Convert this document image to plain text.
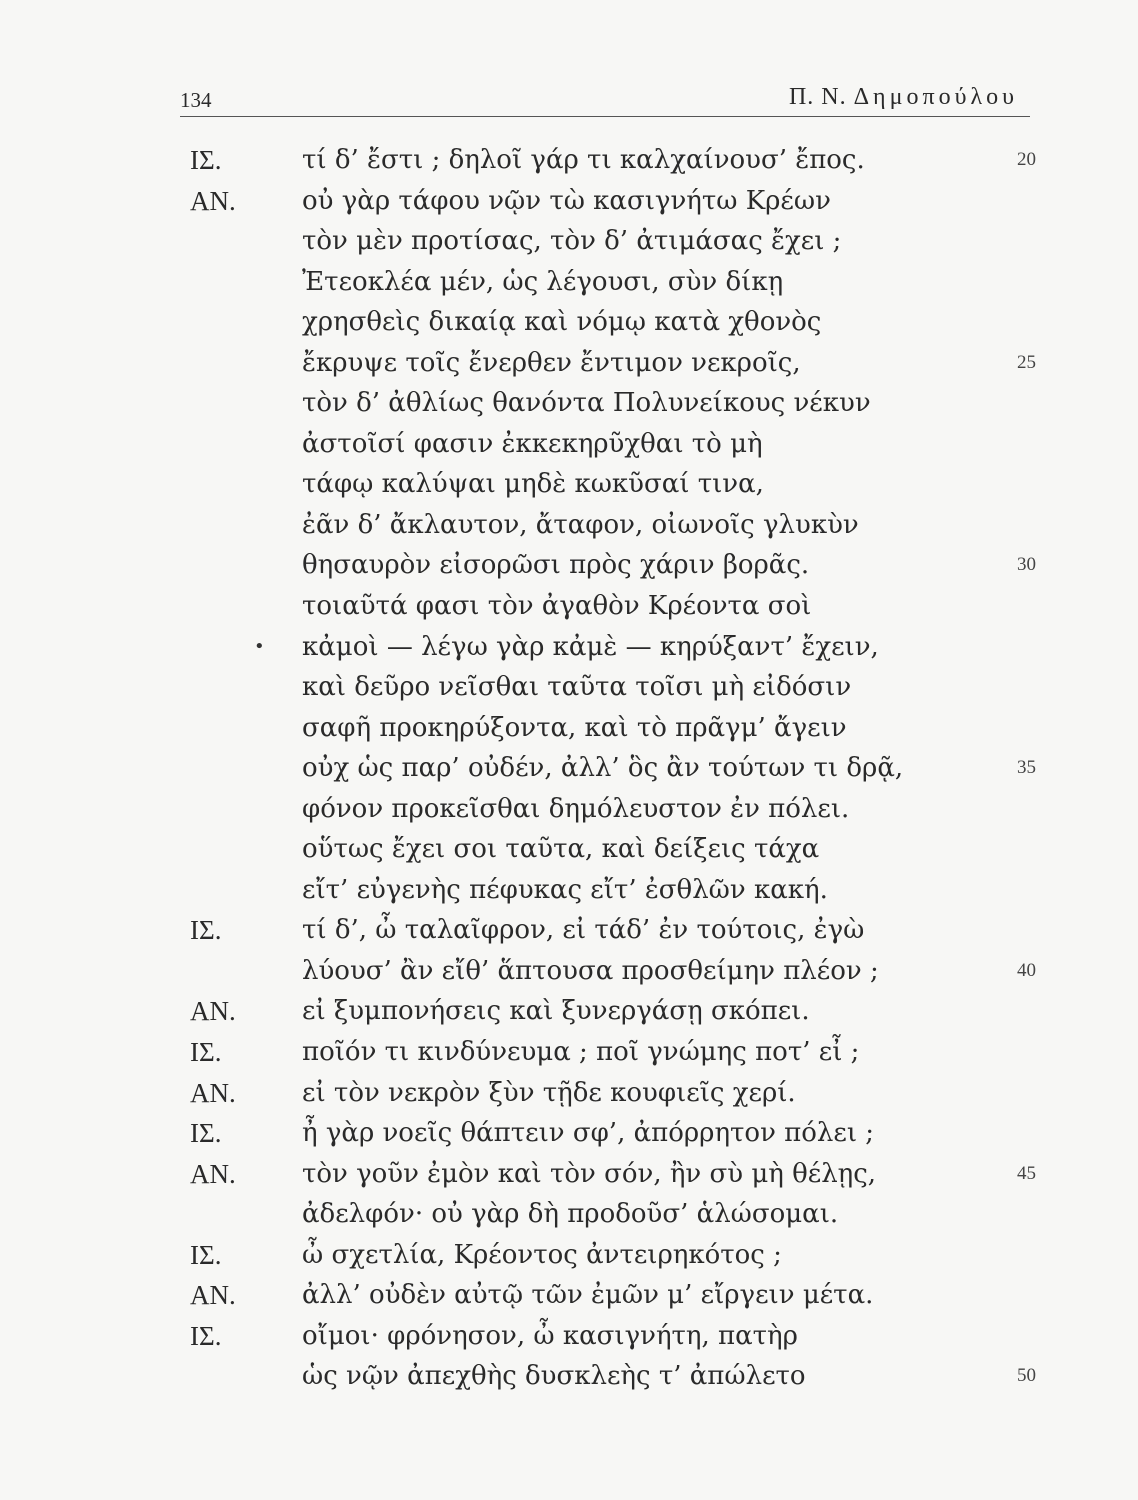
134	Π. Ν. Δημοπούλου
ΙΣ.	τί δ’ ἔστι ; δηλοῖ γάρ τι καλχαίνουσ’ ἔπος.	20
ΑΝ.	οὐ γὰρ τάφου νῷν τὼ κασιγνήτω Κρέων
τὸν μὲν προτίσας, τὸν δ’ ἀτιμάσας ἔχει ;
Ἐτεοκλέα μέν, ὡς λέγουσι, σὺν δίκῃ
χρησθεὶς δικαίᾳ καὶ νόμῳ κατὰ χθονὸς
ἔκρυψε τοῖς ἔνερθεν ἔντιμον νεκροῖς,	25
τὸν δ’ ἀθλίως θανόντα Πολυνείκους νέκυν
ἀστοῖσί φασιν ἐκκεκηρῦχθαι τὸ μὴ
τάφῳ καλύψαι μηδὲ κωκῦσαί τινα,
ἐᾶν δ’ ἄκλαυτον, ἄταφον, οἰωνοῖς γλυκὺν
θησαυρὸν εἰσορῶσι πρὸς χάριν βορᾶς.	30
τοιαῦτά φασι τὸν ἀγαθὸν Κρέοντα σοὶ
• κἀμοὶ — λέγω γὰρ κἀμὲ — κηρύξαντ’ ἔχειν,
καὶ δεῦρο νεῖσθαι ταῦτα τοῖσι μὴ εἰδόσιν
σαφῆ προκηρύξοντα, καὶ τὸ πρᾶγμ’ ἄγειν
οὐχ ὡς παρ’ οὐδέν, ἀλλ’ ὃς ἂν τούτων τι δρᾷ,	35
φόνον προκεῖσθαι δημόλευστον ἐν πόλει.
οὕτως ἔχει σοι ταῦτα, καὶ δείξεις τάχα
εἴτ’ εὐγενὴς πέφυκας εἴτ’ ἐσθλῶν κακή.
ΙΣ.	τί δ’, ὦ ταλαῖφρον, εἰ τάδ’ ἐν τούτοις, ἐγὼ
λύουσ’ ἂν εἴθ’ ἅπτουσα προσθείμην πλέον ;	40
ΑΝ.	εἰ ξυμπονήσεις καὶ ξυνεργάσῃ σκόπει.
ΙΣ.	ποῖόν τι κινδύνευμα ; ποῖ γνώμης ποτ’ εἶ ;
ΑΝ.	εἰ τὸν νεκρὸν ξὺν τῇδε κουφιεῖς χερί.
ΙΣ.	ἦ γὰρ νοεῖς θάπτειν σφ’, ἀπόρρητον πόλει ;
ΑΝ.	τὸν γοῦν ἐμὸν καὶ τὸν σόν, ἢν σὺ μὴ θέλῃς,	45
ἀδελφόν· οὐ γὰρ δὴ προδοῦσ’ ἁλώσομαι.
ΙΣ.	ὦ σχετλία, Κρέοντος ἀντειρηκότος ;
ΑΝ.	ἀλλ’ οὐδὲν αὐτῷ τῶν ἐμῶν μ’ εἴργειν μέτα.
ΙΣ.	οἴμοι· φρόνησον, ὦ κασιγνήτη, πατὴρ
ὡς νῷν ἀπεχθὴς δυσκλεὴς τ’ ἀπώλετο	50
